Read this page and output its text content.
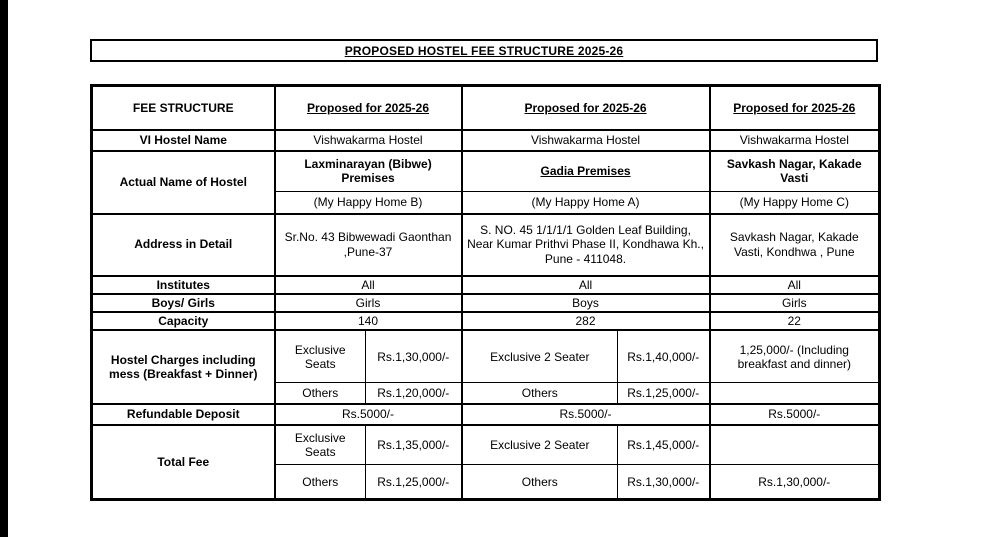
PROPOSED HOSTEL FEE STRUCTURE 2025-26
FEE STRUCTURE	Proposed for 2025-26		Proposed for 2025-26		Proposed for 2025-26
VI Hostel Name	Vishwakarma Hostel		Vishwakarma Hostel		Vishwakarma Hostel
Actual Name of Hostel	Laxminarayan (Bibwe) Premises		Gadia Premises		Savkash Nagar, Kakade Vasti
	(My Happy Home B)		(My Happy Home A)		(My Happy Home C)
Address in Detail	Sr.No. 43 Bibwewadi Gaonthan ,Pune-37		S. NO. 45 1/1/1/1 Golden Leaf Building, Near Kumar Prithvi Phase II, Kondhawa Kh., Pune - 411048.		Savkash Nagar, Kakade Vasti, Kondhwa , Pune
Institutes	All		All		All
Boys/ Girls	Girls		Boys		Girls
Capacity	140		282		22
Hostel Charges including mess (Breakfast + Dinner)	Exclusive Seats	Rs.1,30,000/-	Exclusive 2 Seater	Rs.1,40,000/-	1,25,000/- (Including breakfast and dinner)
	Others	Rs.1,20,000/-	Others	Rs.1,25,000/-	
Refundable Deposit	Rs.5000/-		Rs.5000/-		Rs.5000/-
Total Fee	Exclusive Seats	Rs.1,35,000/-	Exclusive 2 Seater	Rs.1,45,000/-	
	Others	Rs.1,25,000/-	Others	Rs.1,30,000/-	Rs.1,30,000/-
